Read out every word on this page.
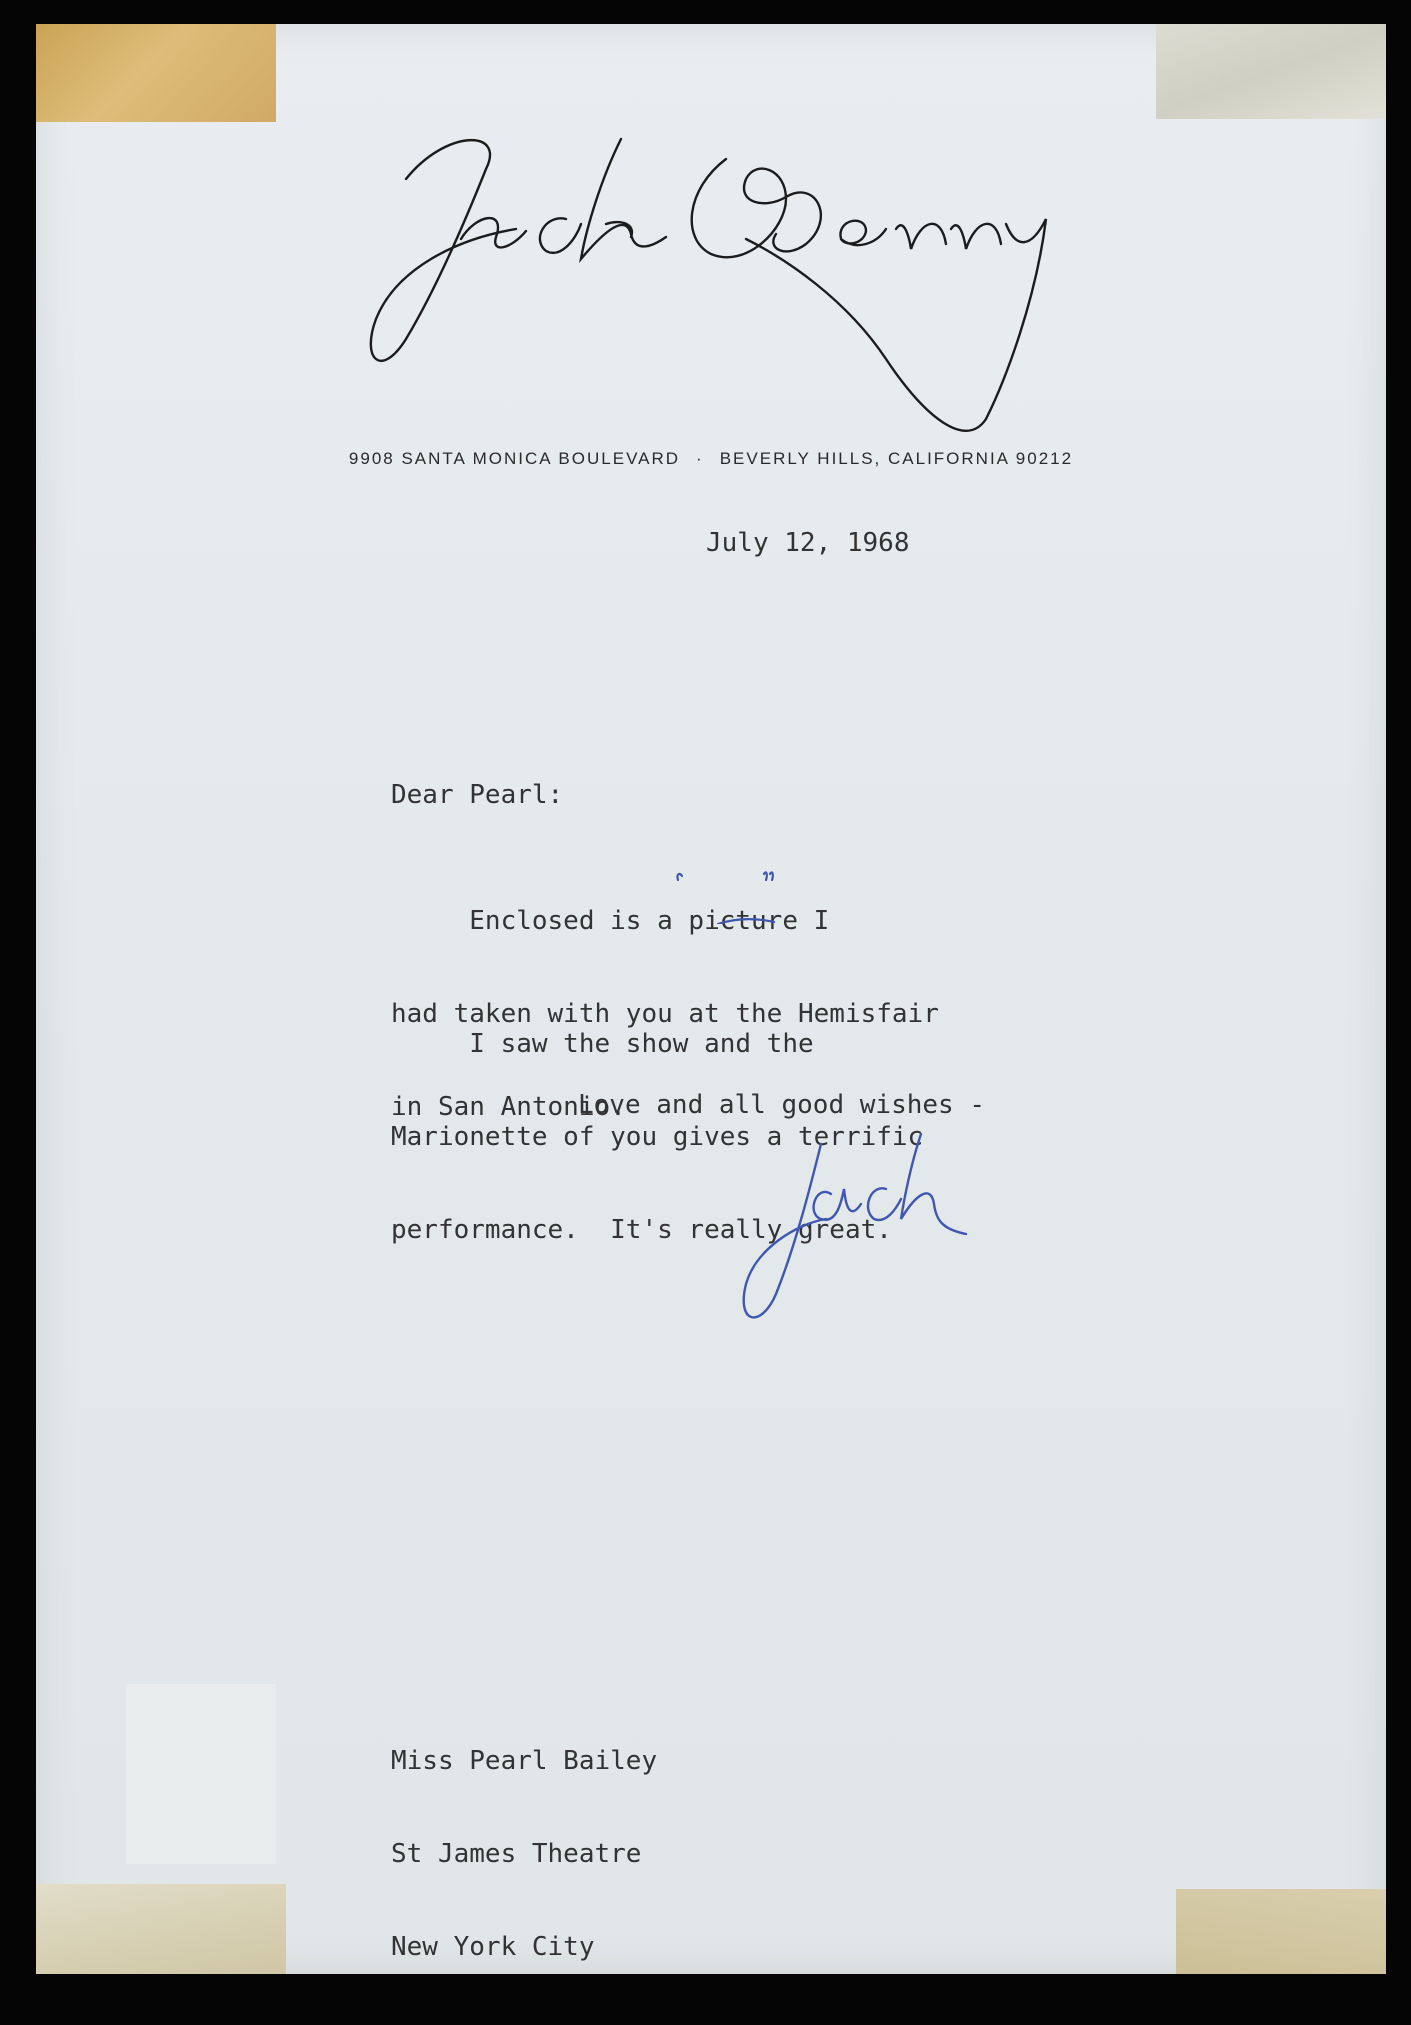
9908 SANTA MONICA BOULEVARD · BEVERLY HILLS, CALIFORNIA 90212
July 12, 1968
Dear Pearl:

Enclosed is a picture I

had taken with you at the Hemisfair

in San Antonio.

I saw the show and the

Marionette of you gives a terrific

performance.  It's really great.

Love and all good wishes -

Miss Pearl Bailey

St James Theatre

New York City
